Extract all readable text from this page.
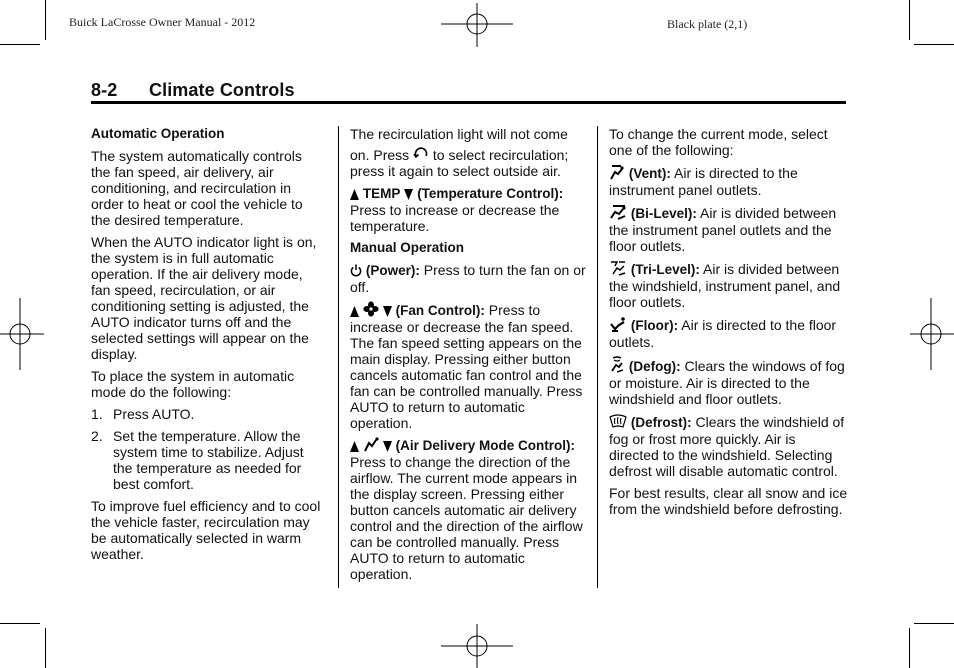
Buick LaCrosse Owner Manual - 2012	Black plate (2,1)
8-2 Climate Controls

Automatic Operation

The system automatically controls the fan speed, air delivery, air conditioning, and recirculation in order to heat or cool the vehicle to the desired temperature.

When the AUTO indicator light is on, the system is in full automatic operation. If the air delivery mode, fan speed, recirculation, or air conditioning setting is adjusted, the AUTO indicator turns off and the selected settings will appear on the display.

To place the system in automatic mode do the following:

1. Press AUTO.
2. Set the temperature. Allow the system time to stabilize. Adjust the temperature as needed for best comfort.

To improve fuel efficiency and to cool the vehicle faster, recirculation may be automatically selected in warm weather.

The recirculation light will not come
on. Press to select recirculation; press it again to select outside air.

TEMP (Temperature Control): Press to increase or decrease the temperature.

Manual Operation

(Power): Press to turn the fan on or off.

(Fan Control): Press to increase or decrease the fan speed. The fan speed setting appears on the main display. Pressing either button cancels automatic fan control and the fan can be controlled manually. Press AUTO to return to automatic operation.

(Air Delivery Mode Control): Press to change the direction of the airflow. The current mode appears in the display screen. Pressing either button cancels automatic air delivery control and the direction of the airflow can be controlled manually. Press AUTO to return to automatic operation.

To change the current mode, select one of the following:

(Vent): Air is directed to the instrument panel outlets.

(Bi-Level): Air is divided between the instrument panel outlets and the floor outlets.

(Tri-Level): Air is divided between the windshield, instrument panel, and floor outlets.

(Floor): Air is directed to the floor outlets.

(Defog): Clears the windows of fog or moisture. Air is directed to the windshield and floor outlets.

(Defrost): Clears the windshield of fog or frost more quickly. Air is directed to the windshield. Selecting defrost will disable automatic control.

For best results, clear all snow and ice from the windshield before defrosting.
